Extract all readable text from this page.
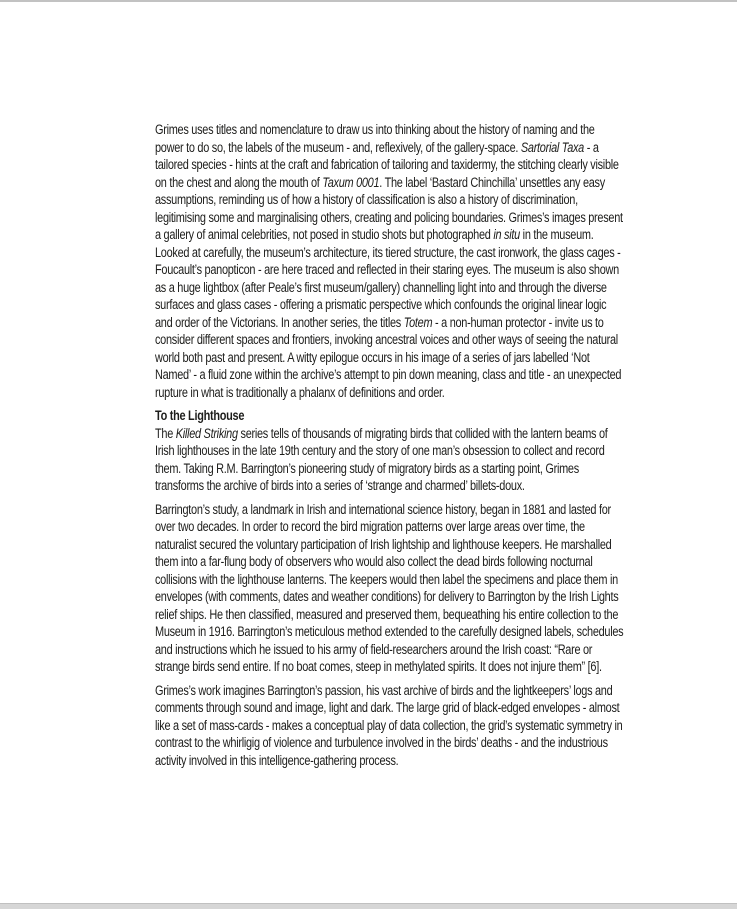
Grimes uses titles and nomenclature to draw us into thinking about the history of naming and the power to do so, the labels of the museum - and, reflexively, of the gallery-space. Sartorial Taxa - a tailored species - hints at the craft and fabrication of tailoring and taxidermy, the stitching clearly visible on the chest and along the mouth of Taxum 0001. The label ‘Bastard Chinchilla’ unsettles any easy assumptions, reminding us of how a history of classification is also a history of discrimination, legitimising some and marginalising others, creating and policing boundaries. Grimes’s images present a gallery of animal celebrities, not posed in studio shots but photographed in situ in the museum. Looked at carefully, the museum’s architecture, its tiered structure, the cast ironwork, the glass cages - Foucault’s panopticon - are here traced and reflected in their staring eyes. The museum is also shown as a huge lightbox (after Peale’s first museum/gallery) channelling light into and through the diverse surfaces and glass cases - offering a prismatic perspective which confounds the original linear logic and order of the Victorians. In another series, the titles Totem - a non-human protector - invite us to consider different spaces and frontiers, invoking ancestral voices and other ways of seeing the natural world both past and present. A witty epilogue occurs in his image of a series of jars labelled ‘Not Named’ - a fluid zone within the archive’s attempt to pin down meaning, class and title - an unexpected rupture in what is traditionally a phalanx of definitions and order.

To the Lighthouse

The Killed Striking series tells of thousands of migrating birds that collided with the lantern beams of Irish lighthouses in the late 19th century and the story of one man’s obsession to collect and record them. Taking R.M. Barrington’s pioneering study of migratory birds as a starting point, Grimes transforms the archive of birds into a series of ‘strange and charmed’ billets-doux.

Barrington’s study, a landmark in Irish and international science history, began in 1881 and lasted for over two decades. In order to record the bird migration patterns over large areas over time, the naturalist secured the voluntary participation of Irish lightship and lighthouse keepers. He marshalled them into a far-flung body of observers who would also collect the dead birds following nocturnal collisions with the lighthouse lanterns. The keepers would then label the specimens and place them in envelopes (with comments, dates and weather conditions) for delivery to Barrington by the Irish Lights relief ships. He then classified, measured and preserved them, bequeathing his entire collection to the Museum in 1916. Barrington’s meticulous method extended to the carefully designed labels, schedules and instructions which he issued to his army of field-researchers around the Irish coast: “Rare or strange birds send entire. If no boat comes, steep in methylated spirits. It does not injure them” [6].

Grimes’s work imagines Barrington’s passion, his vast archive of birds and the lightkeepers’ logs and comments through sound and image, light and dark. The large grid of black-edged envelopes - almost like a set of mass-cards - makes a conceptual play of data collection, the grid’s systematic symmetry in contrast to the whirligig of violence and turbulence involved in the birds’ deaths - and the industrious activity involved in this intelligence-gathering process.
